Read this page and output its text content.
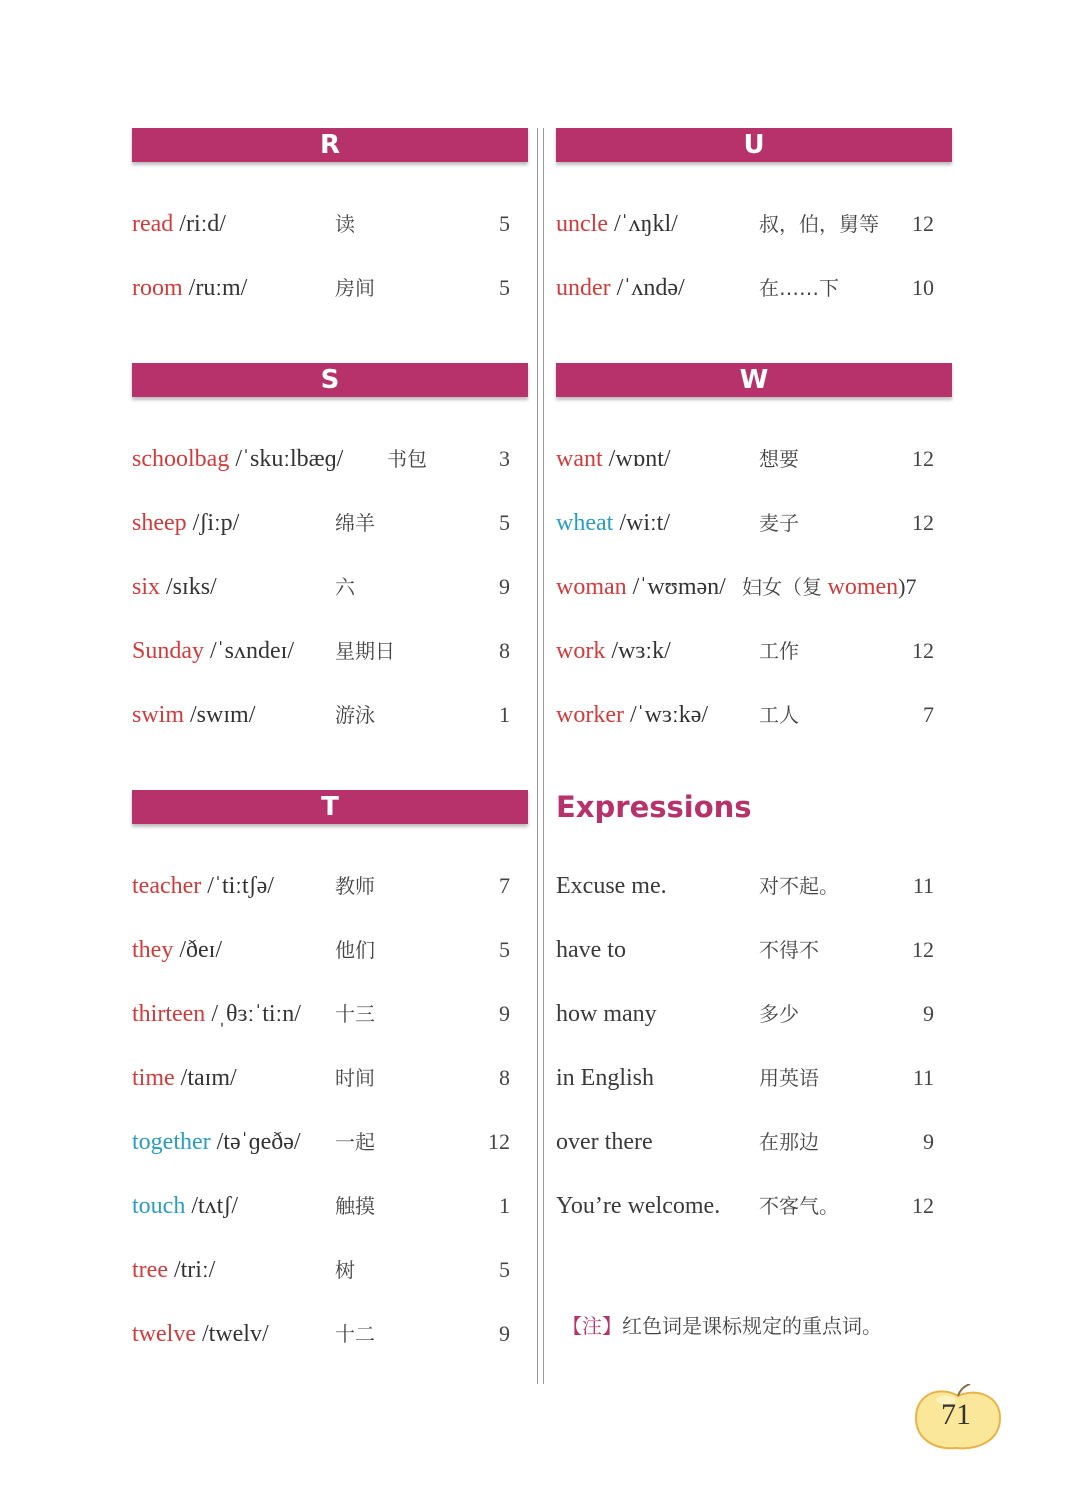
R
read /riːd/	读	5
room /ruːm/	房间	5
S
schoolbag /ˈskuːlbæɡ/ 书包	3
sheep /ʃiːp/	绵羊	5
six /sɪks/	六	9
Sunday /ˈsʌndeɪ/ 星期日	8
swim /swɪm/	游泳	1
T
teacher /ˈtiːtʃə/	教师	7
they /ðeɪ/	他们	5
thirteen /ˌθɜːˈtiːn/ 十三	9
time /taɪm/	时间	8
together /təˈɡeðə/ 一起	12
touch /tʌtʃ/	触摸	1
tree /triː/	树	5
twelve /twelv/	十二	9
U
uncle /ˈʌŋkl/	叔，伯，舅等 12
under /ˈʌndə/	在……下	10
W
want /wɒnt/	想要	12
wheat /wiːt/	麦子	12
woman /ˈwʊmən/ 妇女（复 women)7
work /wɜːk/	工作	12
worker /ˈwɜːkə/	工人	7
Expressions
Excuse me.	对不起。	11
have to	不得不	12
how many	多少	9
in English	用英语	11
over there	在那边	9
You’re welcome. 不客气。	12
【注】红色词是课标规定的重点词。
71
